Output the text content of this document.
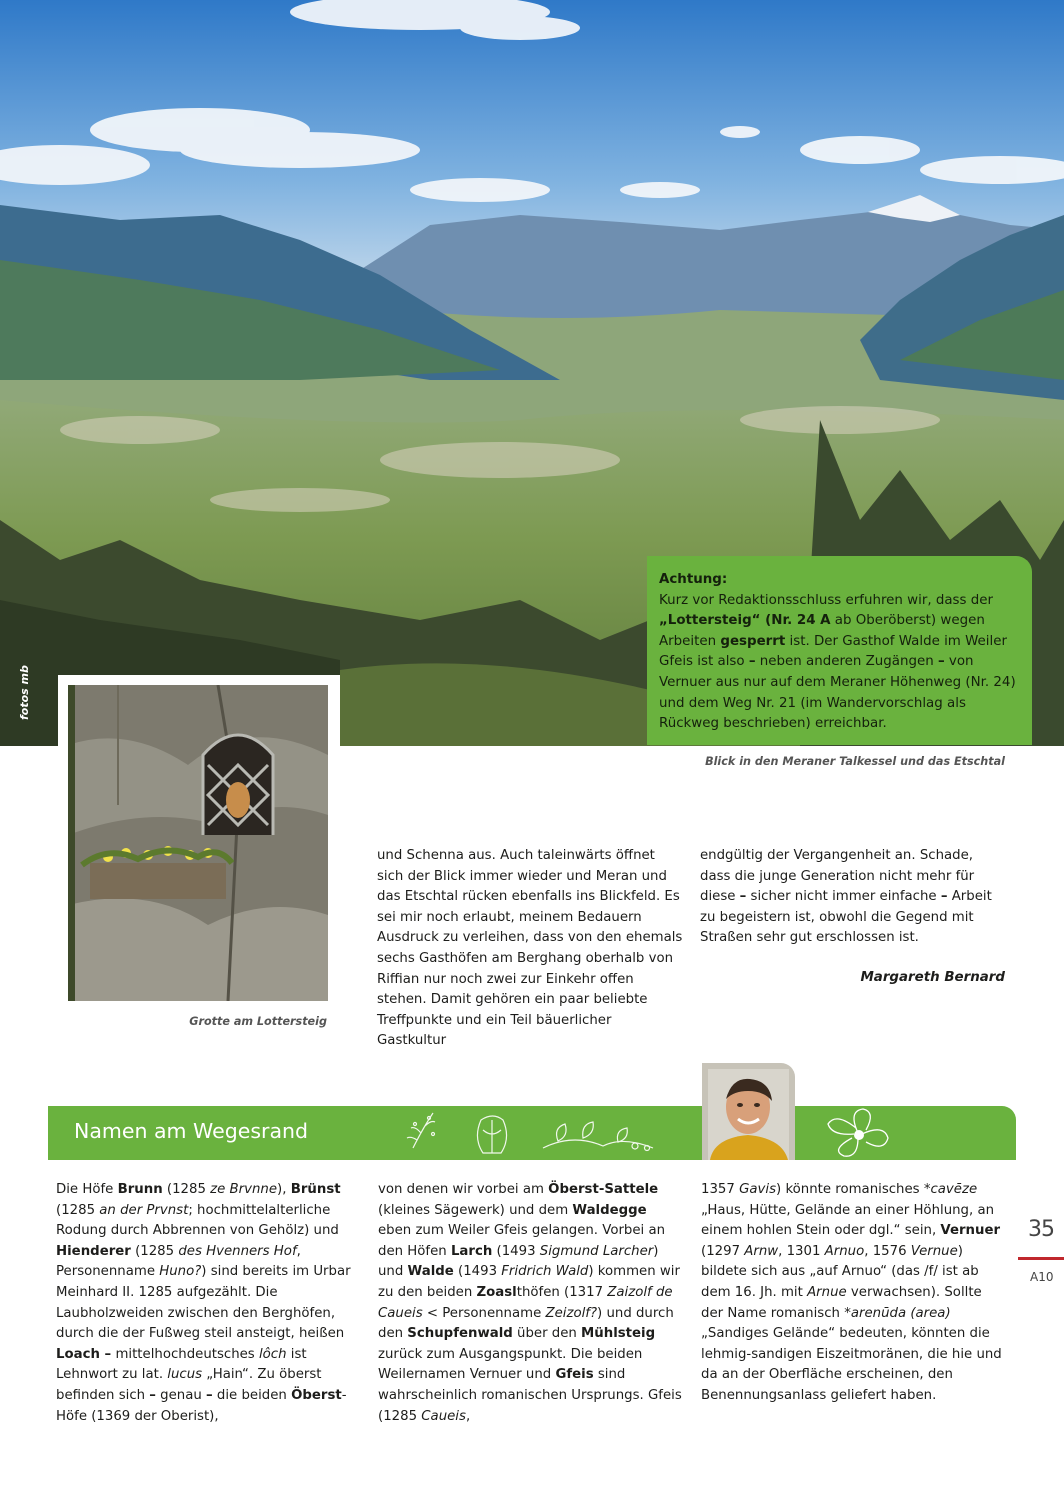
fotos mb
Achtung:
Kurz vor Redaktionsschluss erfuhren wir, dass der „Lottersteig“ (Nr. 24 A ab Oberöberst) wegen Arbeiten gesperrt ist. Der Gasthof Walde im Weiler Gfeis ist also – neben anderen Zugängen – von Vernuer aus nur auf dem Meraner Höhenweg (Nr. 24) und dem Weg Nr. 21 (im Wandervorschlag als Rückweg beschrieben) erreichbar.
Blick in den Meraner Talkessel und das Etschtal
Grotte am Lottersteig
und Schenna aus. Auch taleinwärts öffnet sich der Blick immer wieder und Meran und das Etschtal rücken ebenfalls ins Blickfeld. Es sei mir noch erlaubt, meinem Bedauern Ausdruck zu verleihen, dass von den ehemals sechs Gasthöfen am Berghang oberhalb von Riffian nur noch zwei zur Einkehr offen stehen. Damit gehören ein paar beliebte Treffpunkte und ein Teil bäuerlicher Gastkultur
endgültig der Vergangenheit an. Schade, dass die junge Generation nicht mehr für diese – sicher nicht immer einfache – Arbeit zu begeistern ist, obwohl die Gegend mit Straßen sehr gut erschlossen ist.
Margareth Bernard
Namen am Wegesrand
Die Höfe Brunn (1285 ze Brvnne), Brünst (1285 an der Prvnst; hochmittelalterliche Rodung durch Abbrennen von Gehölz) und Hienderer (1285 des Hvenners Hof, Personenname Huno?) sind bereits im Urbar Meinhard II. 1285 aufgezählt. Die Laubholzweiden zwischen den Berghöfen, durch die der Fußweg steil ansteigt, heißen Loach – mittelhochdeutsches lôch ist Lehnwort zu lat. lucus „Hain“. Zu öberst befinden sich – genau – die beiden Öberst-Höfe (1369 der Oberist),
von denen wir vorbei am Öberst-Sattele (kleines Sägewerk) und dem Waldegge eben zum Weiler Gfeis gelangen. Vorbei an den Höfen Larch (1493 Sigmund Larcher) und Walde (1493 Fridrich Wald) kommen wir zu den beiden Zoaslthöfen (1317 Zaizolf de Caueis < Personenname Zeizolf?) und durch den Schupfenwald über den Mühlsteig zurück zum Ausgangspunkt. Die beiden Weilernamen Vernuer und Gfeis sind wahrscheinlich romanischen Ursprungs. Gfeis (1285 Caueis,
1357 Gavis) könnte romanisches *cavēze „Haus, Hütte, Gelände an einer Höhlung, an einem hohlen Stein oder dgl.“ sein, Vernuer (1297 Arnw, 1301 Arnuo, 1576 Vernue) bildete sich aus „auf Arnuo“ (das /f/ ist ab dem 16. Jh. mit Arnue verwachsen). Sollte der Name romanisch *arenūda (area) „Sandiges Gelände“ bedeuten, könnten die lehmig-sandigen Eiszeitmoränen, die hie und da an der Oberfläche erscheinen, den Benennungsanlass geliefert haben.
35
A10
